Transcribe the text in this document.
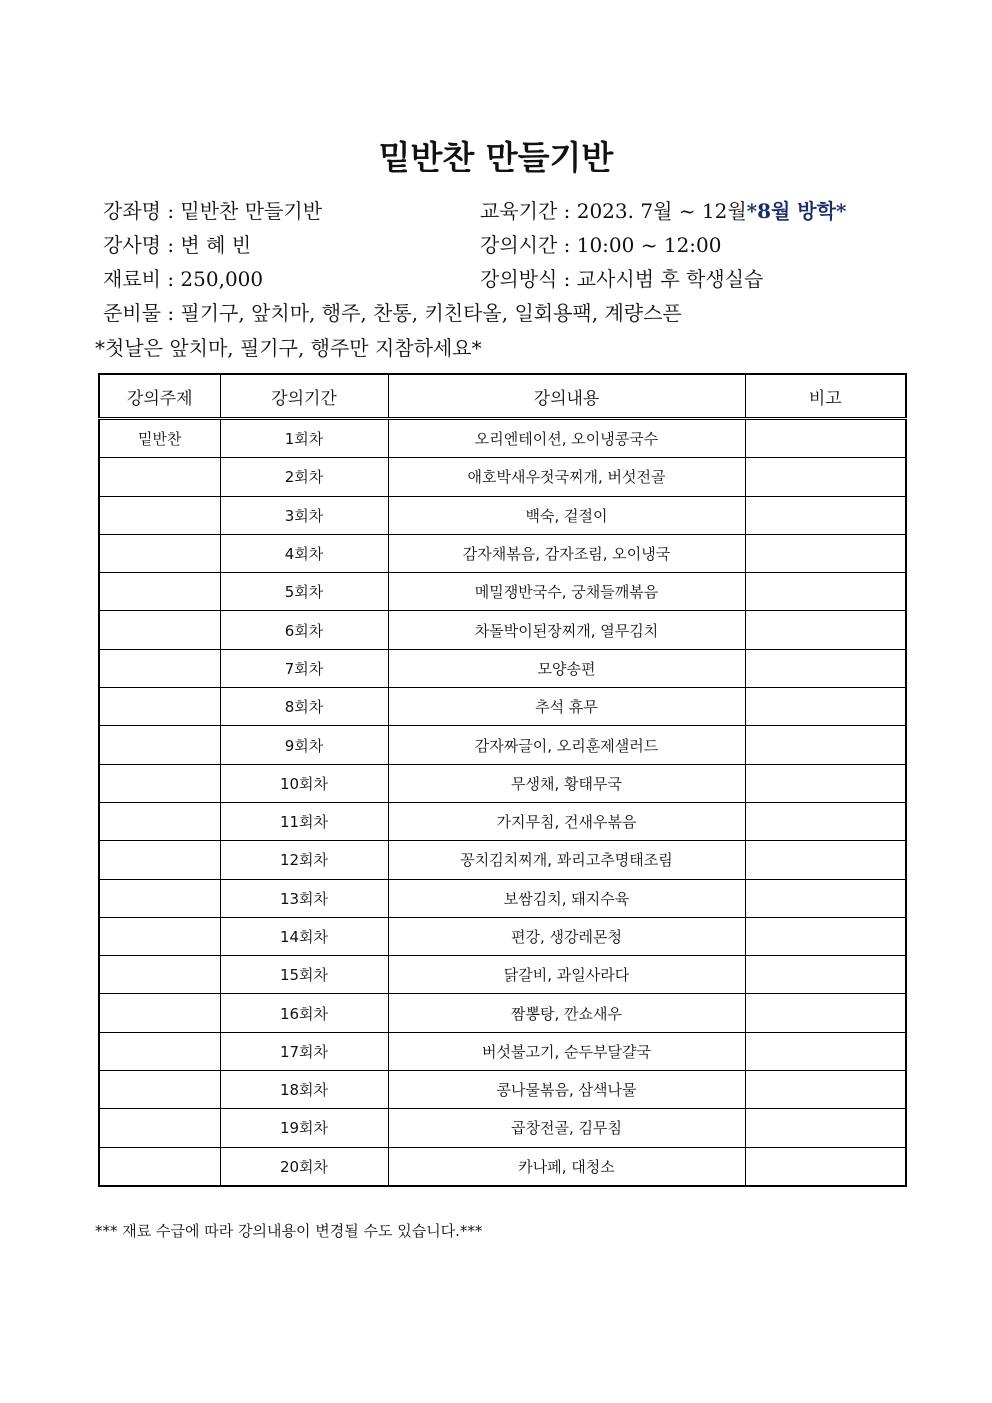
밑반찬 만들기반
강좌명 : 밑반찬 만들기반	교육기간 : 2023. 7월 ~ 12월*8월 방학*
강사명 : 변 혜 빈	강의시간 : 10:00 ~ 12:00
재료비 : 250,000	강의방식 : 교사시범 후 학생실습
준비물 : 필기구, 앞치마, 행주, 찬통, 키친타올, 일회용팩, 계량스픈
*첫날은 앞치마, 필기구, 행주만 지참하세요*
강의주제	강의기간	강의내용	비고
밑반찬	1회차	오리엔테이션, 오이냉콩국수	
	2회차	애호박새우젓국찌개, 버섯전골	
	3회차	백숙, 겉절이	
	4회차	감자채볶음, 감자조림, 오이냉국	
	5회차	메밀쟁반국수, 궁채들깨볶음	
	6회차	차돌박이된장찌개, 열무김치	
	7회차	모양송편	
	8회차	추석 휴무	
	9회차	감자짜글이, 오리훈제샐러드	
	10회차	무생채, 황태무국	
	11회차	가지무침, 건새우볶음	
	12회차	꽁치김치찌개, 꽈리고추명태조림	
	13회차	보쌈김치, 돼지수육	
	14회차	편강, 생강레몬청	
	15회차	닭갈비, 과일사라다	
	16회차	짬뽕탕, 깐쇼새우	
	17회차	버섯불고기, 순두부달걀국	
	18회차	콩나물볶음, 삼색나물	
	19회차	곱창전골, 김무침	
	20회차	카나페, 대청소	
*** 재료 수급에 따라 강의내용이 변경될 수도 있습니다.***
